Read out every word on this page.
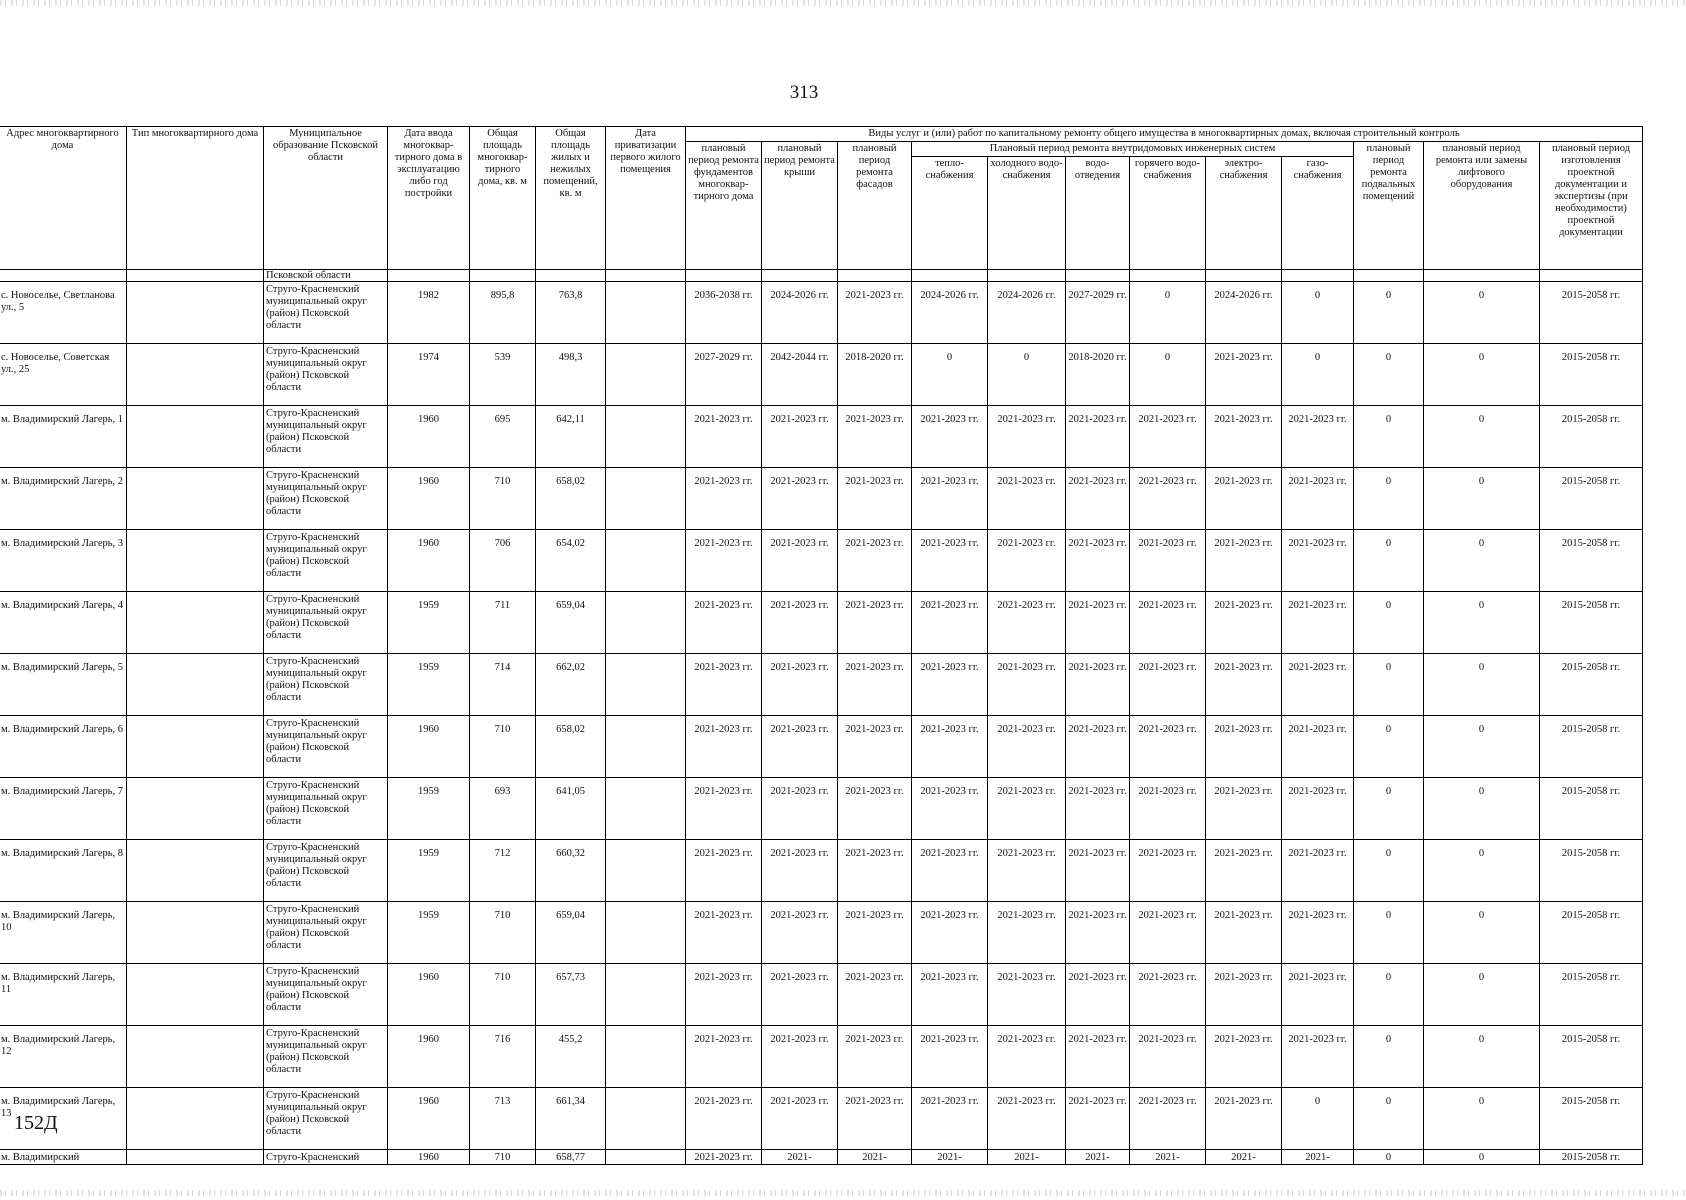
313
Адрес многоквартирного дома	Тип многоквартирного дома	Муниципальное образование Псковской области	Дата ввода многоквар-тирного дома в эксплуатацию либо год постройки	Общая площадь многоквар-тирного дома, кв. м	Общая площадь жилых и нежилых помещений, кв. м	Дата приватизации первого жилого помещения	Виды услуг и (или) работ по капитальному ремонту общего имущества в многоквартирных домах, включая строительный контроль											
							плановый период ремонта фундаментов многоквар-тирного дома	плановый период ремонта крыши	плановый период ремонта фасадов	Плановый период ремонта внутридомовых инженерных систем						плановый период ремонта подвальных помещений	плановый период ремонта или замены лифтового оборудования	плановый период изготовления проектной документации и экспертизы (при необходимости) проектной документации
										тепло-снабжения	холодного водо-снабжения	водо-отведения	горячего водо-снабжения	электро-снабжения	газо-снабжения			
		Псковской области																
с. Новоселье, Светланова ул., 5		Струго-Красненский муниципальный округ (район) Псковской области	1982	895,8	763,8		2036-2038 гг.	2024-2026 гг.	2021-2023 гг.	2024-2026 гг.	2024-2026 гг.	2027-2029 гг.	0	2024-2026 гг.	0	0	0	2015-2058 гг.
с. Новоселье, Советская ул., 25		Струго-Красненский муниципальный округ (район) Псковской области	1974	539	498,3		2027-2029 гг.	2042-2044 гг.	2018-2020 гг.	0	0	2018-2020 гг.	0	2021-2023 гг.	0	0	0	2015-2058 гг.
м. Владимирский Лагерь, 1		Струго-Красненский муниципальный округ (район) Псковской области	1960	695	642,11		2021-2023 гг.	2021-2023 гг.	2021-2023 гг.	2021-2023 гг.	2021-2023 гг.	2021-2023 гг.	2021-2023 гг.	2021-2023 гг.	2021-2023 гг.	0	0	2015-2058 гг.
м. Владимирский Лагерь, 2		Струго-Красненский муниципальный округ (район) Псковской области	1960	710	658,02		2021-2023 гг.	2021-2023 гг.	2021-2023 гг.	2021-2023 гг.	2021-2023 гг.	2021-2023 гг.	2021-2023 гг.	2021-2023 гг.	2021-2023 гг.	0	0	2015-2058 гг.
м. Владимирский Лагерь, 3		Струго-Красненский муниципальный округ (район) Псковской области	1960	706	654,02		2021-2023 гг.	2021-2023 гг.	2021-2023 гг.	2021-2023 гг.	2021-2023 гг.	2021-2023 гг.	2021-2023 гг.	2021-2023 гг.	2021-2023 гг.	0	0	2015-2058 гг.
м. Владимирский Лагерь, 4		Струго-Красненский муниципальный округ (район) Псковской области	1959	711	659,04		2021-2023 гг.	2021-2023 гг.	2021-2023 гг.	2021-2023 гг.	2021-2023 гг.	2021-2023 гг.	2021-2023 гг.	2021-2023 гг.	2021-2023 гг.	0	0	2015-2058 гг.
м. Владимирский Лагерь, 5		Струго-Красненский муниципальный округ (район) Псковской области	1959	714	662,02		2021-2023 гг.	2021-2023 гг.	2021-2023 гг.	2021-2023 гг.	2021-2023 гг.	2021-2023 гг.	2021-2023 гг.	2021-2023 гг.	2021-2023 гг.	0	0	2015-2058 гг.
м. Владимирский Лагерь, 6		Струго-Красненский муниципальный округ (район) Псковской области	1960	710	658,02		2021-2023 гг.	2021-2023 гг.	2021-2023 гг.	2021-2023 гг.	2021-2023 гг.	2021-2023 гг.	2021-2023 гг.	2021-2023 гг.	2021-2023 гг.	0	0	2015-2058 гг.
м. Владимирский Лагерь, 7		Струго-Красненский муниципальный округ (район) Псковской области	1959	693	641,05		2021-2023 гг.	2021-2023 гг.	2021-2023 гг.	2021-2023 гг.	2021-2023 гг.	2021-2023 гг.	2021-2023 гг.	2021-2023 гг.	2021-2023 гг.	0	0	2015-2058 гг.
м. Владимирский Лагерь, 8		Струго-Красненский муниципальный округ (район) Псковской области	1959	712	660,32		2021-2023 гг.	2021-2023 гг.	2021-2023 гг.	2021-2023 гг.	2021-2023 гг.	2021-2023 гг.	2021-2023 гг.	2021-2023 гг.	2021-2023 гг.	0	0	2015-2058 гг.
м. Владимирский Лагерь, 10		Струго-Красненский муниципальный округ (район) Псковской области	1959	710	659,04		2021-2023 гг.	2021-2023 гг.	2021-2023 гг.	2021-2023 гг.	2021-2023 гг.	2021-2023 гг.	2021-2023 гг.	2021-2023 гг.	2021-2023 гг.	0	0	2015-2058 гг.
м. Владимирский Лагерь, 11		Струго-Красненский муниципальный округ (район) Псковской области	1960	710	657,73		2021-2023 гг.	2021-2023 гг.	2021-2023 гг.	2021-2023 гг.	2021-2023 гг.	2021-2023 гг.	2021-2023 гг.	2021-2023 гг.	2021-2023 гг.	0	0	2015-2058 гг.
м. Владимирский Лагерь, 12		Струго-Красненский муниципальный округ (район) Псковской области	1960	716	455,2		2021-2023 гг.	2021-2023 гг.	2021-2023 гг.	2021-2023 гг.	2021-2023 гг.	2021-2023 гг.	2021-2023 гг.	2021-2023 гг.	2021-2023 гг.	0	0	2015-2058 гг.
м. Владимирский Лагерь, 13		Струго-Красненский муниципальный округ (район) Псковской области	1960	713	661,34		2021-2023 гг.	2021-2023 гг.	2021-2023 гг.	2021-2023 гг.	2021-2023 гг.	2021-2023 гг.	2021-2023 гг.	2021-2023 гг.	0	0	0	2015-2058 гг.
м. Владимирский		Струго-Красненский	1960	710	658,77		2021-2023 гг.	2021-	2021-	2021-	2021-	2021-	2021-	2021-	2021-	0	0	2015-2058 гг.
152Д
